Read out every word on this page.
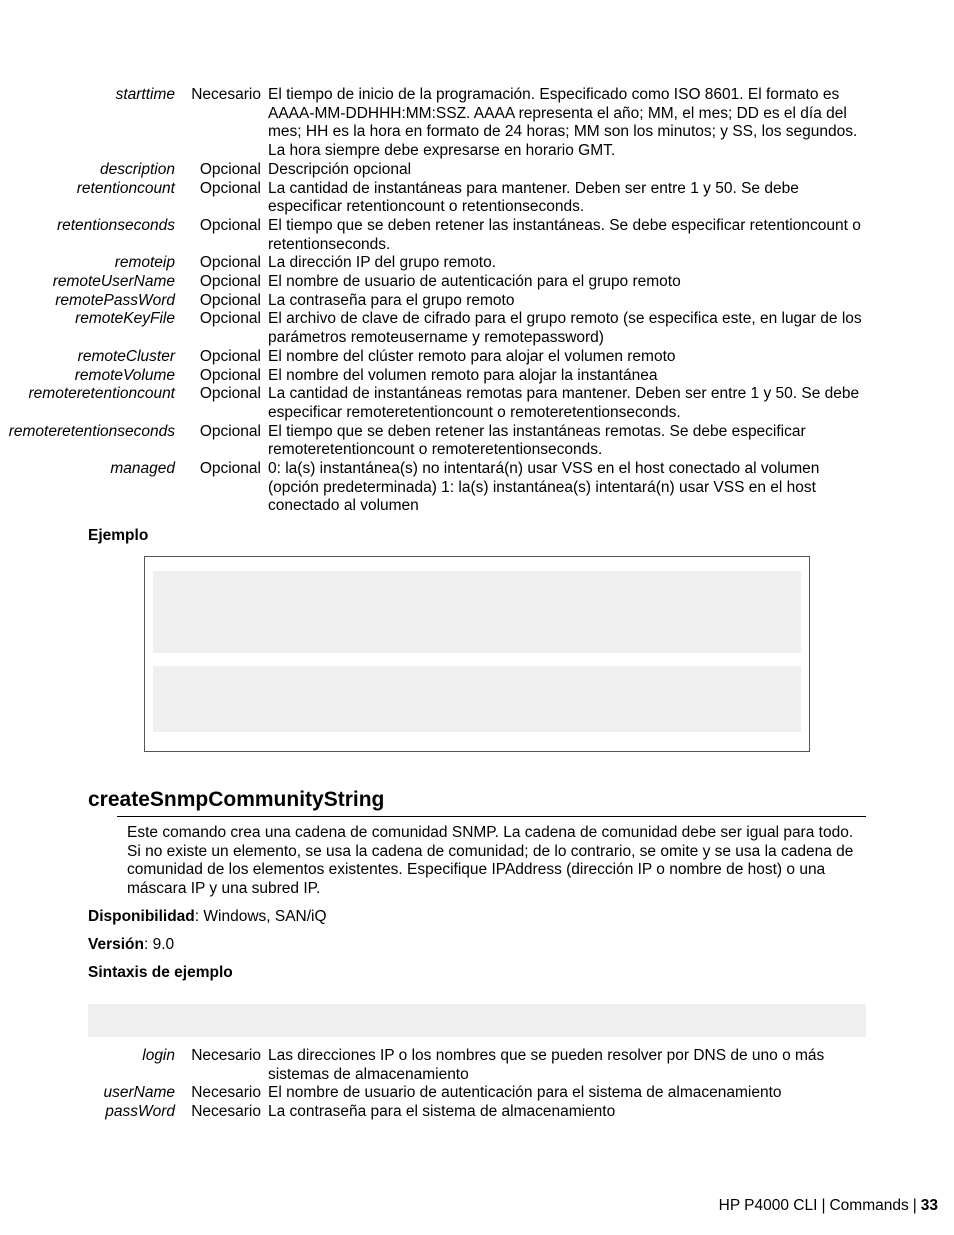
starttime	Necesario El tiempo de inicio de la programación. Especificado como ISO 8601. El formato es AAAA-MM-DDHHH:MM:SSZ. AAAA representa el año; MM, el mes; DD es el día del mes; HH es la hora en formato de 24 horas; MM son los minutos; y SS, los segundos. La hora siempre debe expresarse en horario GMT.
description	Opcional Descripción opcional
retentioncount	Opcional La cantidad de instantáneas para mantener. Deben ser entre 1 y 50. Se debe especificar retentioncount o retentionseconds.
retentionseconds	Opcional El tiempo que se deben retener las instantáneas. Se debe especificar retentioncount o retentionseconds.
remoteip	Opcional La dirección IP del grupo remoto.
remoteUserName	Opcional El nombre de usuario de autenticación para el grupo remoto
remotePassWord	Opcional La contraseña para el grupo remoto
remoteKeyFile	Opcional El archivo de clave de cifrado para el grupo remoto (se especifica este, en lugar de los parámetros remoteusername y remotepassword)
remoteCluster	Opcional El nombre del clúster remoto para alojar el volumen remoto
remoteVolume	Opcional El nombre del volumen remoto para alojar la instantánea
remoteretentioncount	Opcional La cantidad de instantáneas remotas para mantener. Deben ser entre 1 y 50. Se debe especificar remoteretentioncount o remoteretentionseconds.
remoteretentionseconds	Opcional El tiempo que se deben retener las instantáneas remotas. Se debe especificar remoteretentioncount o remoteretentionseconds.
managed	Opcional 0: la(s) instantánea(s) no intentará(n) usar VSS en el host conectado al volumen (opción predeterminada) 1: la(s) instantánea(s) intentará(n) usar VSS en el host conectado al volumen
Ejemplo
createSnmpCommunityString
Este comando crea una cadena de comunidad SNMP. La cadena de comunidad debe ser igual para todo. Si no existe un elemento, se usa la cadena de comunidad; de lo contrario, se omite y se usa la cadena de comunidad de los elementos existentes. Especifique IPAddress (dirección IP o nombre de host) o una máscara IP y una subred IP.
Disponibilidad: Windows, SAN/iQ
Versión: 9.0
Sintaxis de ejemplo
login	Necesario Las direcciones IP o los nombres que se pueden resolver por DNS de uno o más sistemas de almacenamiento
userName	Necesario El nombre de usuario de autenticación para el sistema de almacenamiento
passWord	Necesario La contraseña para el sistema de almacenamiento
HP P4000 CLI | Commands | 33
